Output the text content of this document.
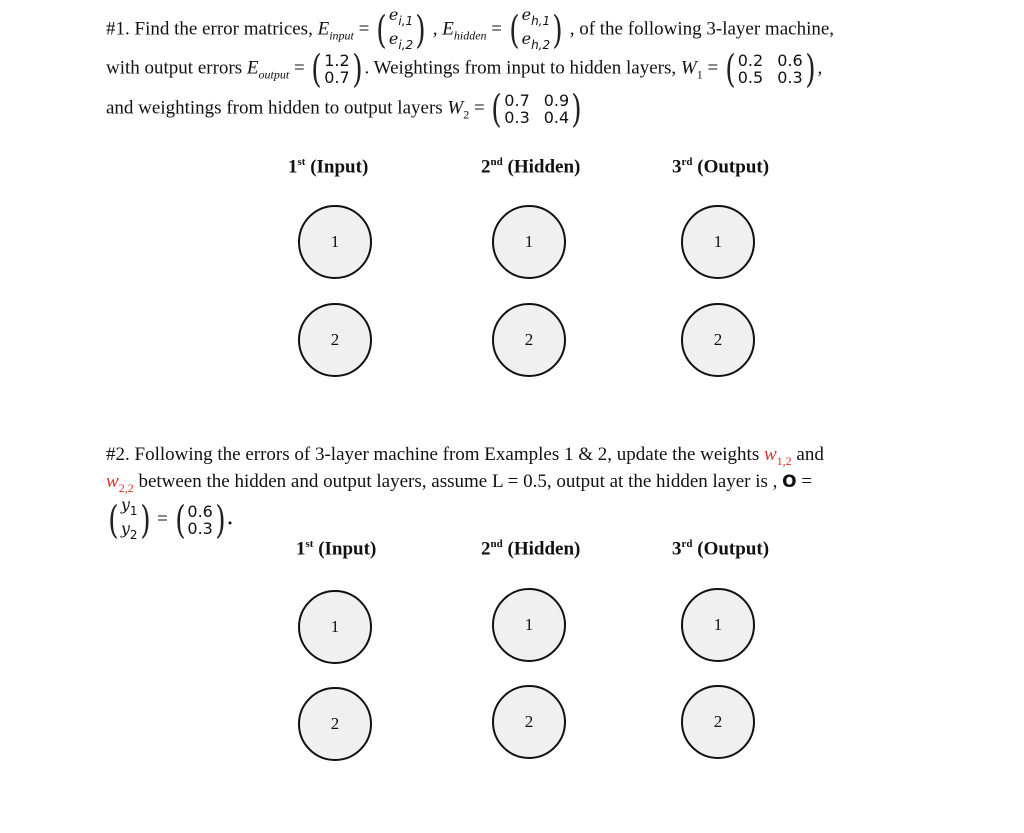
#1. Find the error matrices, $E_{input}$ = ( $e_{i,1}$
$e_{i,2}$ ) , $E_{hidden}$ = ( $e_{h,1}$
$e_{h,2}$ ) , of the following 3-layer machine,
with output errors $E_{output}$ = ( 1.2
0.7 ) . Weightings from input to hidden layers, $W_1$ = ( 0.2 0.6
0.5 0.3 ) ,
and weightings from hidden to output layers $W_2$ = ( 0.7 0.9
0.3 0.4 )
1st (Input)	2nd (Hidden)	3rd (Output)
1	1	1
2	2	2
#2. Following the errors of 3-layer machine from Examples 1 & 2, update the weights $w_{1,2}$ and
$w_{2,2}$ between the hidden and output layers, assume L = 0.5, output at the hidden layer is , O =
( $y_1$
$y_2$ ) = ( 0.6
0.3 ) .
1st (Input)	2nd (Hidden)	3rd (Output)
1	1	1
2	2	2
